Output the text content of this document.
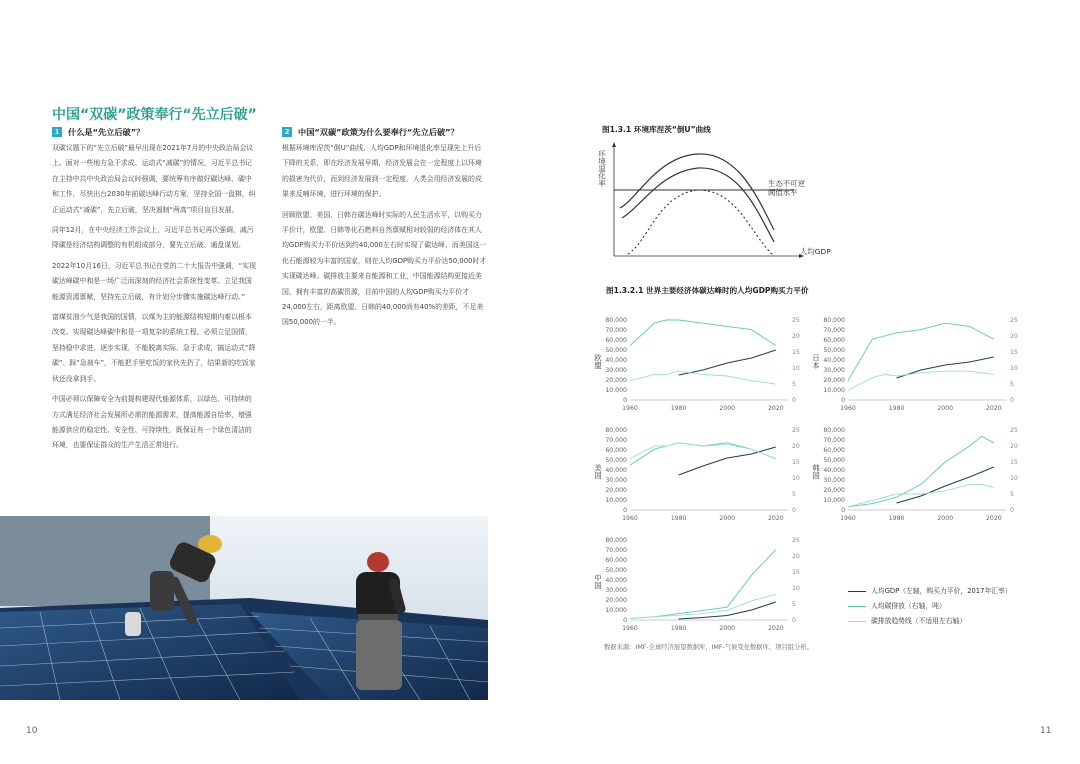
中国“双碳”政策奉行“先立后破”
1 什么是“先立后破”？

双碳议题下的“先立后破”最早出现在2021年7月的中央政治局会议上。面对一些地方急于求成、运动式“减碳”的情况，习近平总书记在主持中共中央政治局会议时强调，要统筹有序做好碳达峰、碳中和工作，尽快出台2030年前碳达峰行动方案，坚持全国一盘棋，纠正运动式“减碳”，先立后破，坚决遏制“两高”项目盲目发展。

同年12月，在中央经济工作会议上，习近平总书记再次强调，减污降碳是经济结构调整的有机组成部分，要先立后破、通盘谋划。

2022年10月16日，习近平总书记在党的二十大报告中强调，“实现碳达峰碳中和是一场广泛而深刻的经济社会系统性变革。立足我国能源资源禀赋，坚持先立后破，有计划分步骤实施碳达峰行动。”

富煤贫油少气是我国的国情，以煤为主的能源结构短期内难以根本改变。实现碳达峰碳中和是一项复杂的系统工程，必须立足国情，坚持稳中求进、逐步实现，不能脱离实际、急于求成，搞运动式“降碳”、踩“急刹车”，不能把手里吃饭的家伙先扔了，结果新的吃饭家伙还没拿到手。

中国必须以保障安全为前提构建现代能源体系，以绿色、可持续的方式满足经济社会发展所必需的能源需求，提高能源自给率，增强能源供应的稳定性、安全性、可持续性，既保证有一个绿色清洁的环境，也要保证群众的生产生活正常进行。

2 中国“双碳”政策为什么要奉行“先立后破”？

根据环境库涅茨“倒U”曲线，人均GDP和环境退化率呈现先上升后下降的关系，即在经济发展早期，经济发展会在一定程度上以环境的损害为代价，而到经济发展到一定程度，人类会用经济发展的成果来反哺环境，进行环境的保护。

回顾欧盟、美国、日韩在碳达峰时实际的人民生活水平，以购买力平价计，欧盟、日韩等化石燃料自然禀赋相对较弱的经济体在其人均GDP购买力平价达到约40,000左右时实现了碳达峰，而美国这一化石能源较为丰富的国家，则在人均GDP购买力平价达50,000时才实现碳达峰。碳排放主要来自能源和工业，中国能源结构更接近美国，拥有丰富的高碳资源，目前中国的人均GDP购买力平价才24,000左右，距离欧盟、日韩的40,000尚有40%的差距，不足美国50,000的一半。

10
图1.3.1 环境库涅茨“倒U”曲线
环境退化率
人均GDP
生态不可逆
阈值水平
图1.3.2.1 世界主要经济体碳达峰时的人均GDP购买力平价
80,000
70,000
60,000
50,000
40,000
30,000
20,000
10,000
0
25
20
15
10
5
0
1960	1980	2000	2020
欧盟
80,000
70,000
60,000
50,000
40,000
30,000
20,000
10,000
0
25
20
15
10
5
0
1960	1980	2000	2020
日本
80,000
70,000
60,000
50,000
40,000
30,000
20,000
10,000
0
25
20
15
10
5
0
1960	1980	2000	2020
美国
80,000
70,000
60,000
50,000
40,000
30,000
20,000
10,000
0
25
20
15
10
5
0
1960	1980	2000	2020
韩国
80,000
70,000
60,000
50,000
40,000
30,000
20,000
10,000
0
25
20
15
10
5
0
1960	1980	2000	2020
中国
人均GDP（左轴，购买力平价，2017年汇率）
人均碳排放（右轴，吨）
碳排放趋势线（不适用左右轴）
数据来源：IMF-全球经济展望数据库，IMF-气候变化数据库，项目组分析。
11
